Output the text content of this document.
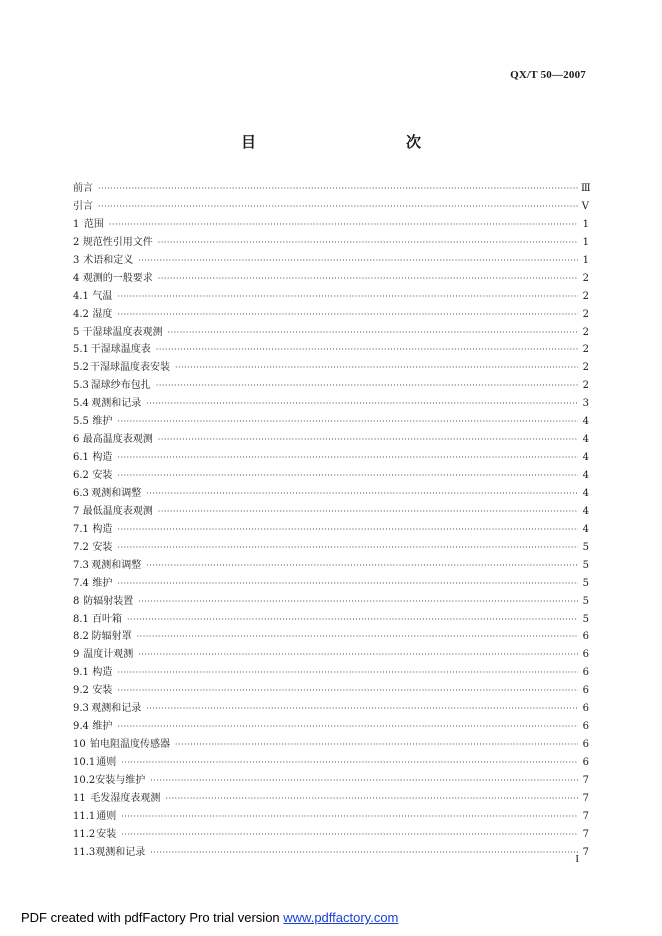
QX/T 50—2007
目　　次
前言 ·····	Ⅲ
引言 ·····	Ⅴ
1 范围 ·····	1
2 规范性引用文件 ·····	1
3 术语和定义 ·····	1
4 观测的一般要求 ·····	2
4.1 气温 ·····	2
4.2 湿度 ·····	2
5 干湿球温度表观测 ·····	2
5.1 干湿球温度表 ·····	2
5.2 干湿球温度表安装 ·····	2
5.3 湿球纱布包扎 ·····	2
5.4 观测和记录 ·····	3
5.5 维护 ·····	4
6 最高温度表观测 ·····	4
6.1 构造 ·····	4
6.2 安装 ·····	4
6.3 观测和调整 ·····	4
7 最低温度表观测 ·····	4
7.1 构造 ·····	4
7.2 安装 ·····	5
7.3 观测和调整 ·····	5
7.4 维护 ·····	5
8 防辐射装置 ·····	5
8.1 百叶箱 ·····	5
8.2 防辐射罩 ·····	6
9 温度计观测 ·····	6
9.1 构造 ·····	6
9.2 安装 ·····	6
9.3 观测和记录 ·····	6
9.4 维护 ·····	6
10 铂电阻温度传感器 ·····	6
10.1 通则 ·····	6
10.2 安装与维护 ·····	7
11 毛发湿度表观测 ·····	7
11.1 通则 ·····	7
11.2 安装 ·····	7
11.3 观测和记录 ·····	7
I
PDF created with pdfFactory Pro trial version www.pdffactory.com
